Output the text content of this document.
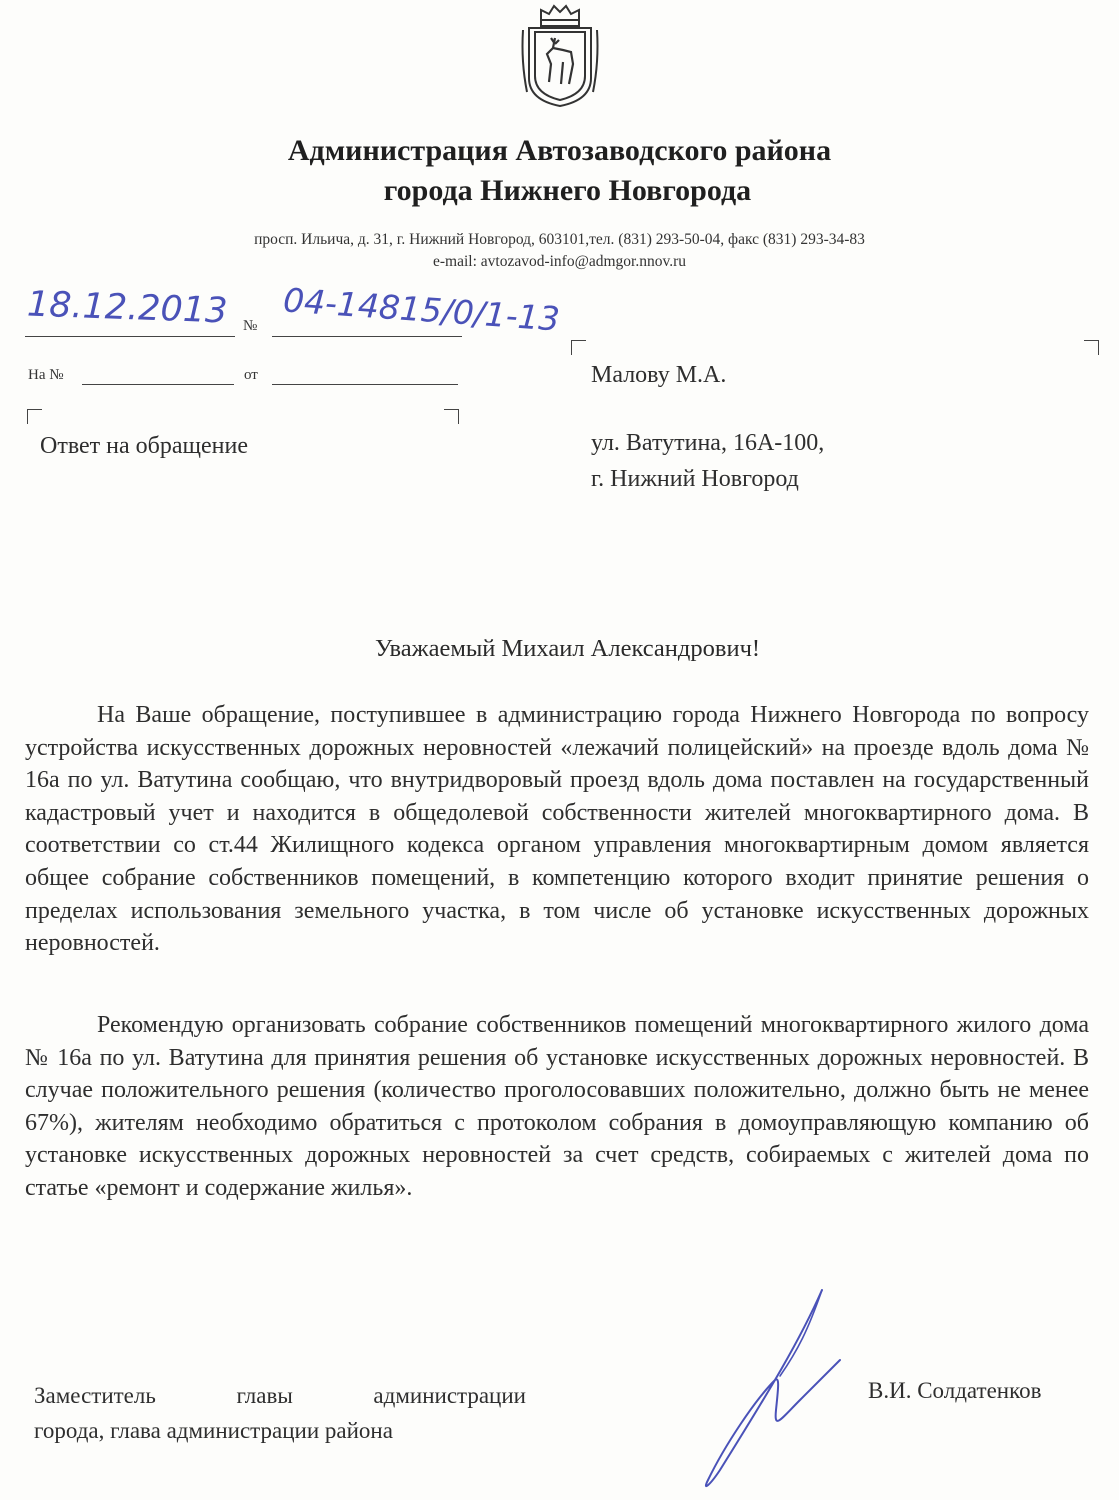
Администрация Автозаводского района
города Нижнего Новгорода
просп. Ильича, д. 31, г. Нижний Новгород, 603101,тел. (831) 293-50-04, факс (831) 293-34-83
e-mail: avtozavod-info@admgor.nnov.ru
18.12.2013 № 04-14815/0/1-13
На №	от
Ответ на обращение
Малову М.А.
ул. Ватутина, 16А-100,
г. Нижний Новгород
Уважаемый Михаил Александрович!
На Ваше обращение, поступившее в администрацию города Нижнего Новгорода по вопросу устройства искусственных дорожных неровностей «лежачий полицейский» на проезде вдоль дома № 16а по ул. Ватутина сообщаю, что внутридворовый проезд вдоль дома поставлен на государственный кадастровый учет и находится в общедолевой собственности жителей многоквартирного дома. В соответствии со ст.44 Жилищного кодекса органом управления многоквартирным домом является общее собрание собственников помещений, в компетенцию которого входит принятие решения о пределах использования земельного участка, в том числе об установке искусственных дорожных неровностей.
Рекомендую организовать собрание собственников помещений многоквартирного жилого дома № 16а по ул. Ватутина для принятия решения об установке искусственных дорожных неровностей. В случае положительного решения (количество проголосовавших положительно, должно быть не менее 67%), жителям необходимо обратиться с протоколом собрания в домоуправляющую компанию об установке искусственных дорожных неровностей за счет средств, собираемых с жителей дома по статье «ремонт и содержание жилья».
Заместитель	главы	администрации
города, глава администрации района
В.И. Солдатенков
